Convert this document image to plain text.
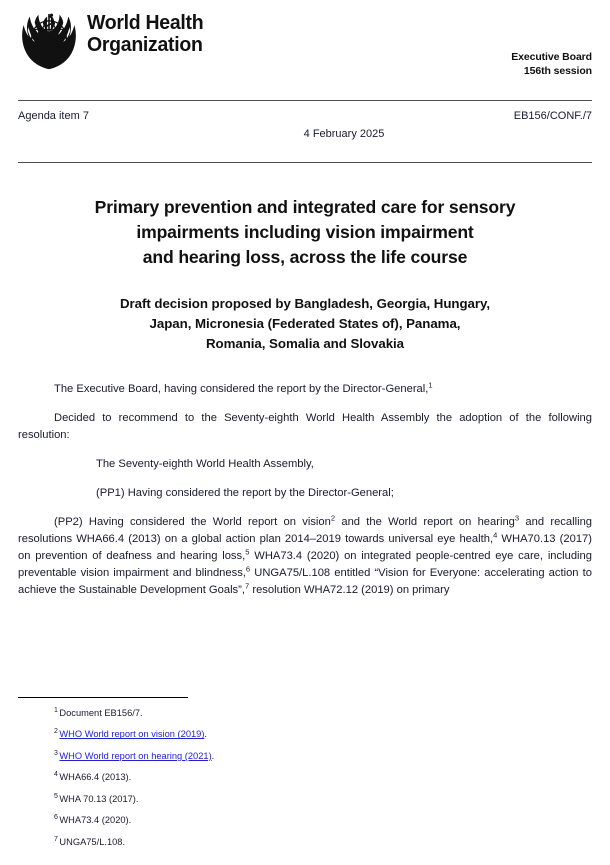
World Health
Organization
Executive Board
156th session
Agenda item 7	EB156/CONF./7
4 February 2025
Primary prevention and integrated care for sensory
impairments including vision impairment
and hearing loss, across the life course
Draft decision proposed by Bangladesh, Georgia, Hungary,
Japan, Micronesia (Federated States of), Panama,
Romania, Somalia and Slovakia

The Executive Board, having considered the report by the Director-General,$^1$

Decided to recommend to the Seventy-eighth World Health Assembly the adoption of the following resolution:

The Seventy-eighth World Health Assembly,

(PP1) Having considered the report by the Director-General;

(PP2) Having considered the World report on vision$^2$ and the World report on hearing$^3$ and recalling resolutions WHA66.4 (2013) on a global action plan 2014–2019 towards universal eye health,$^4$ WHA70.13 (2017) on prevention of deafness and hearing loss,$^5$ WHA73.4 (2020) on integrated people-centred eye care, including preventable vision impairment and blindness,$^6$ UNGA75/L.108 entitled “Vision for Everyone: accelerating action to achieve the Sustainable Development Goals”,$^7$ resolution WHA72.12 (2019) on primary

$^1$ Document EB156/7.

$^2$ WHO World report on vision (2019).

$^3$ WHO World report on hearing (2021).

$^4$ WHA66.4 (2013).

$^5$ WHA 70.13 (2017).

$^6$ WHA73.4 (2020).

$^7$ UNGA75/L.108.
